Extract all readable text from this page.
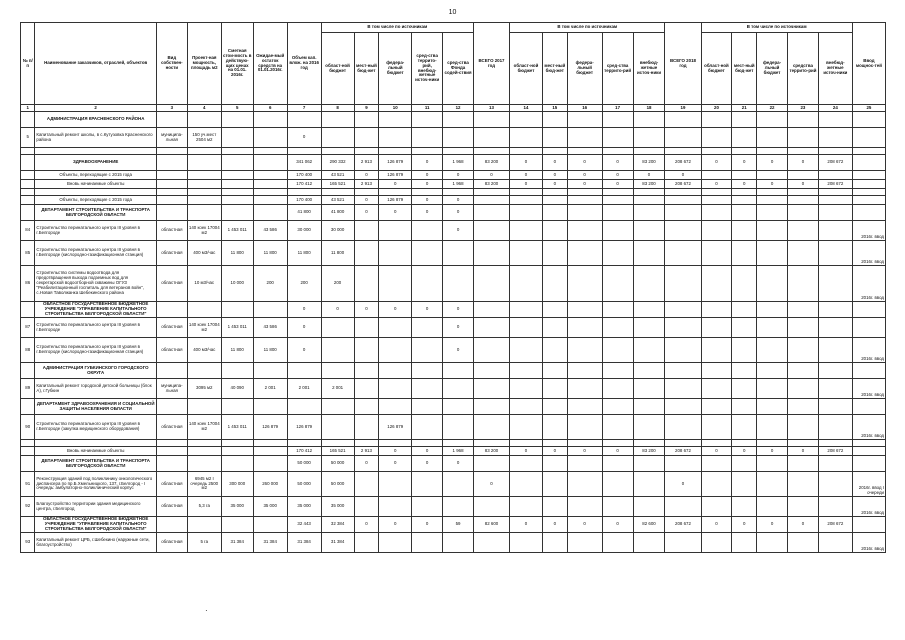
10
№ п/п	Наименование заказчиков, отраслей, объектов	Вид собствен-ности	Проект-ная мощность, площадь м2	Сметная стои-мость в действую-щих ценах на 01.01. 2016г.	Ожидае-мый остаток средств на 01.01.2016г.	Объем кап. влож. на 2016 год	В том числе по источникам					ВСЕГО 2017 год	В том числе по источникам					ВСЕГО 2018 год	В том числе по источникам					Ввод мощнос-тей
							област-ной бюджет	мест-ный бюд-жет	федера-льный бюджет	сред-ства террито-рий, внебюд-жетные источ-ники	сред-ства Фонда содей-ствия		област-ной бюджет	мест-ный бюд-жет	федера-льный бюджет	сред-ства террито-рий	внебюд-жетные источ-ники		област-ной бюджет	мест-ный бюд-жет	федера-льный бюджет	средства террито-рий	внебюд-жетные источ-ники	
1	2	3	4	5	6	7	8	9	10	11	12	13	14	15	16	17	18	19	20	21	22	23	24	25
	АДМИНИСТРАЦИЯ КРАСНЕНСКОГО РАЙОНА																							
5	Капитальный ремонт школы, в с.Кутузовка Красненского района	муниципа-льная	150 уч.мест 2504 м2			0																		

	ЗДРАВООХРАНЕНИЕ					341 062	290 332	2 913	126 879	0	1 968	83 200	0	0	0	0	83 200	208 672	0	0	0	0	208 672	
	Объекты, переходящие с 2015 года					170 400	43 521	0	126 879	0	0	0	0	0	0	0	0	0						
	Вновь начинаемые объекты					170 412	165 521	2 913	0	0	1 968	83 200	0	0	0	0	83 200	208 672	0	0	0	0	208 672	

	Объекты, переходящие с 2015 года					170 400	43 521	0	126 879	0	0													
	ДЕПАРТАМЕНТ СТРОИТЕЛЬСТВА И ТРАНСПОРТА БЕЛГОРОДСКОЙ ОБЛАСТИ					41 800	41 800	0	0	0	0													
84	Строительство перинатального центра III уровня в г.Белгороде	областная	140 коек 17004 м2	1 453 011	43 586	30 000	30 000				0													2016г. ввод
85	Строительство перинатального центра III уровня в г.Белгороде (кислородно-газификационная станция)	областная	400 м3/час	11 800	11 800	11 800	11 800																	2016г. ввод
86	Строительство системы водоотвода для предотвращения выхода подземных вод для секретарской водоотборной скважины ОГУЗ "Реабилитационный госпиталь для ветеранов войн", с.Новая Таволжанка Шебекинского района	областная	10 м3/час	10 000	200	200	200																	2016г. ввод
	ОБЛАСТНОЕ ГОСУДАРСТВЕННОЕ БЮДЖЕТНОЕ УЧРЕЖДЕНИЕ "УПРАВЛЕНИЕ КАПИТАЛЬНОГО СТРОИТЕЛЬСТВА БЕЛГОРОДСКОЙ ОБЛАСТИ"					0	0	0	0	0	0													
87	Строительство перинатального центра III уровня в г.Белгороде	областная	140 коек 17004 м2	1 453 011	43 586	0					0													
88	Строительство перинатального центра III уровня в г.Белгороде (кислородно-газификационная станция)	областная	400 м3/час	11 800	11 800	0					0													2016г. ввод
	АДМИНИСТРАЦИЯ ГУБКИНСКОГО ГОРОДСКОГО ОКРУГА																							
89	Капитальный ремонт городской детской больницы (блок А), г.Губкин	муниципа-льная	3095 м2	40 090	2 001	2 001	2 001																	2016г. ввод
	ДЕПАРТАМЕНТ ЗДРАВООХРАНЕНИЯ И СОЦИАЛЬНОЙ ЗАЩИТЫ НАСЕЛЕНИЯ ОБЛАСТИ																							
90	Строительство перинатального центра III уровня в г.Белгороде (закупка медицинского оборудования)	областная	140 коек 17004 м2	1 453 011	126 879	126 879			126 879															2016г. ввод

	Вновь начинаемые объекты					170 412	165 521	2 913	0	0	1 968	83 200	0	0	0	0	83 200	208 672	0	0	0	0	208 672	
	ДЕПАРТАМЕНТ СТРОИТЕЛЬСТВА И ТРАНСПОРТА БЕЛГОРОДСКОЙ ОБЛАСТИ					50 000	50 000	0	0	0	0													
91	Реконструкция зданий под поликлинику онкологического диспансера по пр.Б.Хмельницкого, 137, г.Белгород - I очередь: амбулаторно-поликлинический корпус	областная	6945 м2 I очередь 2500 м2	300 000	260 000	50 000	50 000					0						0						2016г. ввод I очереди
92	Благоустройство территории здания медицинского центра, г.Белгород	областная	5,3 га	35 000	35 000	35 000	35 000																	2016г. ввод
	ОБЛАСТНОЕ ГОСУДАРСТВЕННОЕ БЮДЖЕТНОЕ УЧРЕЖДЕНИЕ "УПРАВЛЕНИЕ КАПИТАЛЬНОГО СТРОИТЕЛЬСТВА БЕЛГОРОДСКОЙ ОБЛАСТИ"					32 443	32 384	0	0	0	59	82 600	0	0	0	0	82 600	208 672	0	0	0	0	208 672	
93	Капитальный ремонт ЦРБ, г.Шебекино (наружные сети, благоустройство)	областная	5 га	31 384	31 384	31 384	31 384																	2016г. ввод
·
